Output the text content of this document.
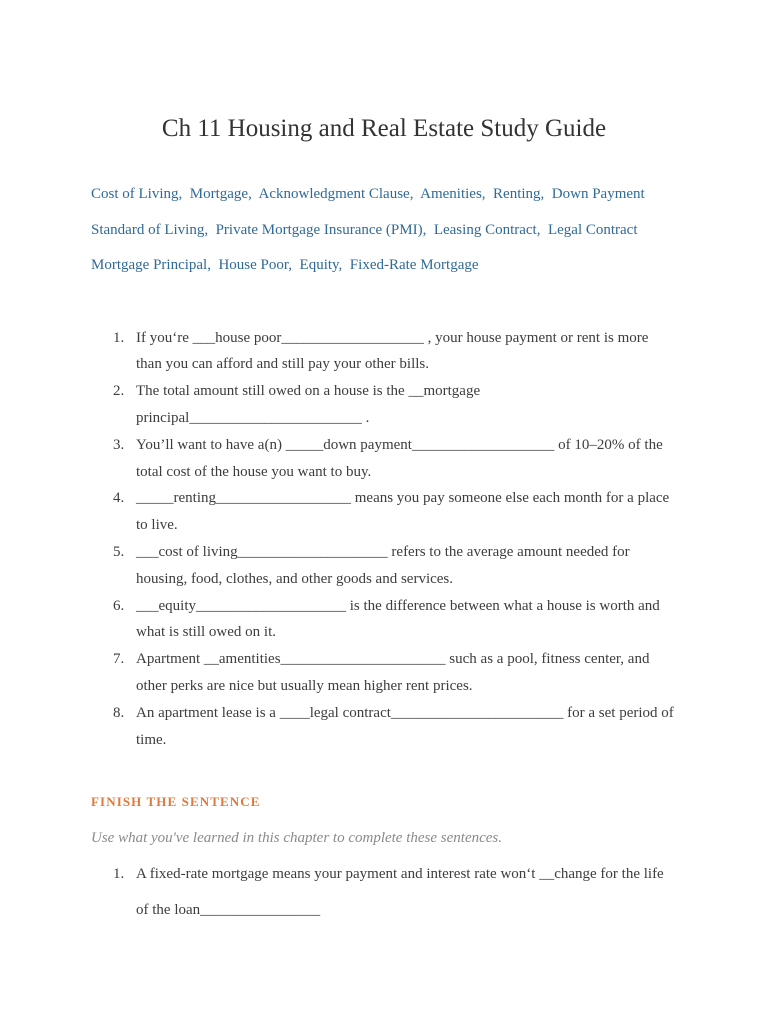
Ch 11 Housing and Real Estate Study Guide
Cost of Living,  Mortgage,  Acknowledgment Clause,  Amenities,  Renting,  Down Payment
Standard of Living,  Private Mortgage Insurance (PMI),  Leasing Contract,  Legal Contract
Mortgage Principal,  House Poor,  Equity,  Fixed-Rate Mortgage
1. If you‘re ___house poor___________________ , your house payment or rent is more
than you can afford and still pay your other bills.
2. The total amount still owed on a house is the __mortgage
principal_______________________ .
3. You’ll want to have a(n) _____down payment___________________ of 10–20% of the
total cost of the house you want to buy.
4. _____renting__________________ means you pay someone else each month for a place
to live.
5. ___cost of living____________________ refers to the average amount needed for
housing, food, clothes, and other goods and services.
6. ___equity____________________ is the difference between what a house is worth and
what is still owed on it.
7. Apartment __amentities______________________ such as a pool, fitness center, and
other perks are nice but usually mean higher rent prices.
8. An apartment lease is a ____legal contract_______________________ for a set period of
time.
FINISH THE SENTENCE
Use what you've learned in this chapter to complete these sentences.
1. A fixed-rate mortgage means your payment and interest rate won‘t __change for the life
of the loan________________
